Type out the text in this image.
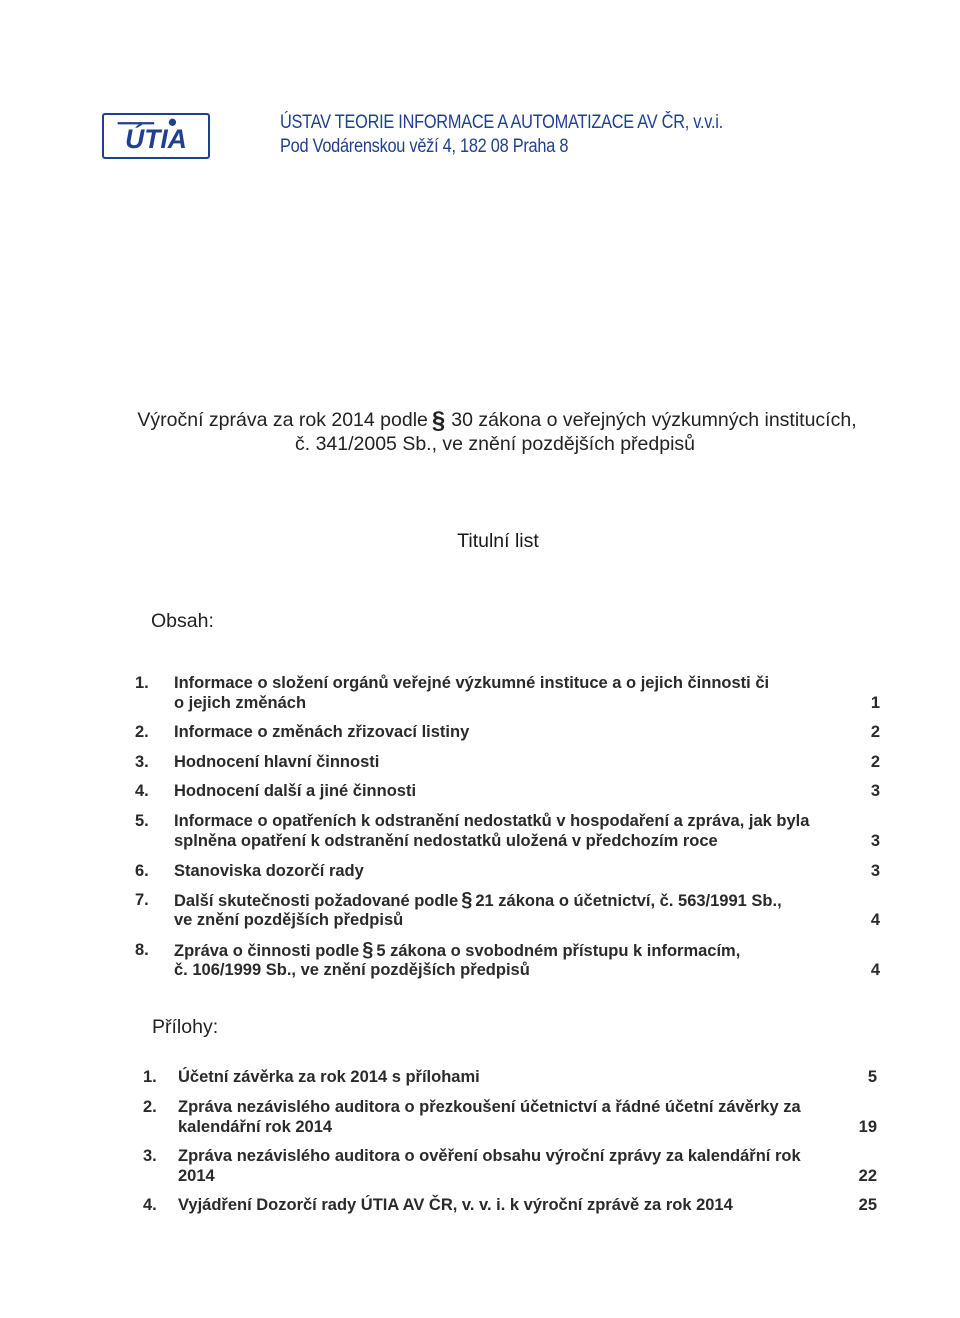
ÚTIA
ÚSTAV TEORIE INFORMACE A AUTOMATIZACE AV ČR, v.v.i.
Pod Vodárenskou věží 4, 182 08 Praha 8
Výroční zpráva za rok 2014 podle § 30 zákona o veřejných výzkumných institucích,
č. 341/2005 Sb., ve znění pozdějších předpisů
Titulní list
Obsah:
1. Informace o složení orgánů veřejné výzkumné instituce a o jejich činnosti či
o jejich změnách	1
2. Informace o změnách zřizovací listiny	2
3. Hodnocení hlavní činnosti	2
4. Hodnocení další a jiné činnosti	3
5. Informace o opatřeních k odstranění nedostatků v hospodaření a zpráva, jak byla
splněna opatření k odstranění nedostatků uložená v předchozím roce	3
6. Stanoviska dozorčí rady	3
7. Další skutečnosti požadované podle § 21 zákona o účetnictví, č. 563/1991 Sb.,
ve znění pozdějších předpisů	4
8. Zpráva o činnosti podle § 5 zákona o svobodném přístupu k informacím,
č. 106/1999 Sb., ve znění pozdějších předpisů	4
Přílohy:
1. Účetní závěrka za rok 2014 s přílohami	5
2. Zpráva nezávislého auditora o přezkoušení účetnictví a řádné účetní závěrky za
kalendářní rok 2014	19
3. Zpráva nezávislého auditora o ověření obsahu výroční zprávy za kalendářní rok
2014	22
4. Vyjádření Dozorčí rady ÚTIA AV ČR, v. v. i. k výroční zprávě za rok 2014	25
